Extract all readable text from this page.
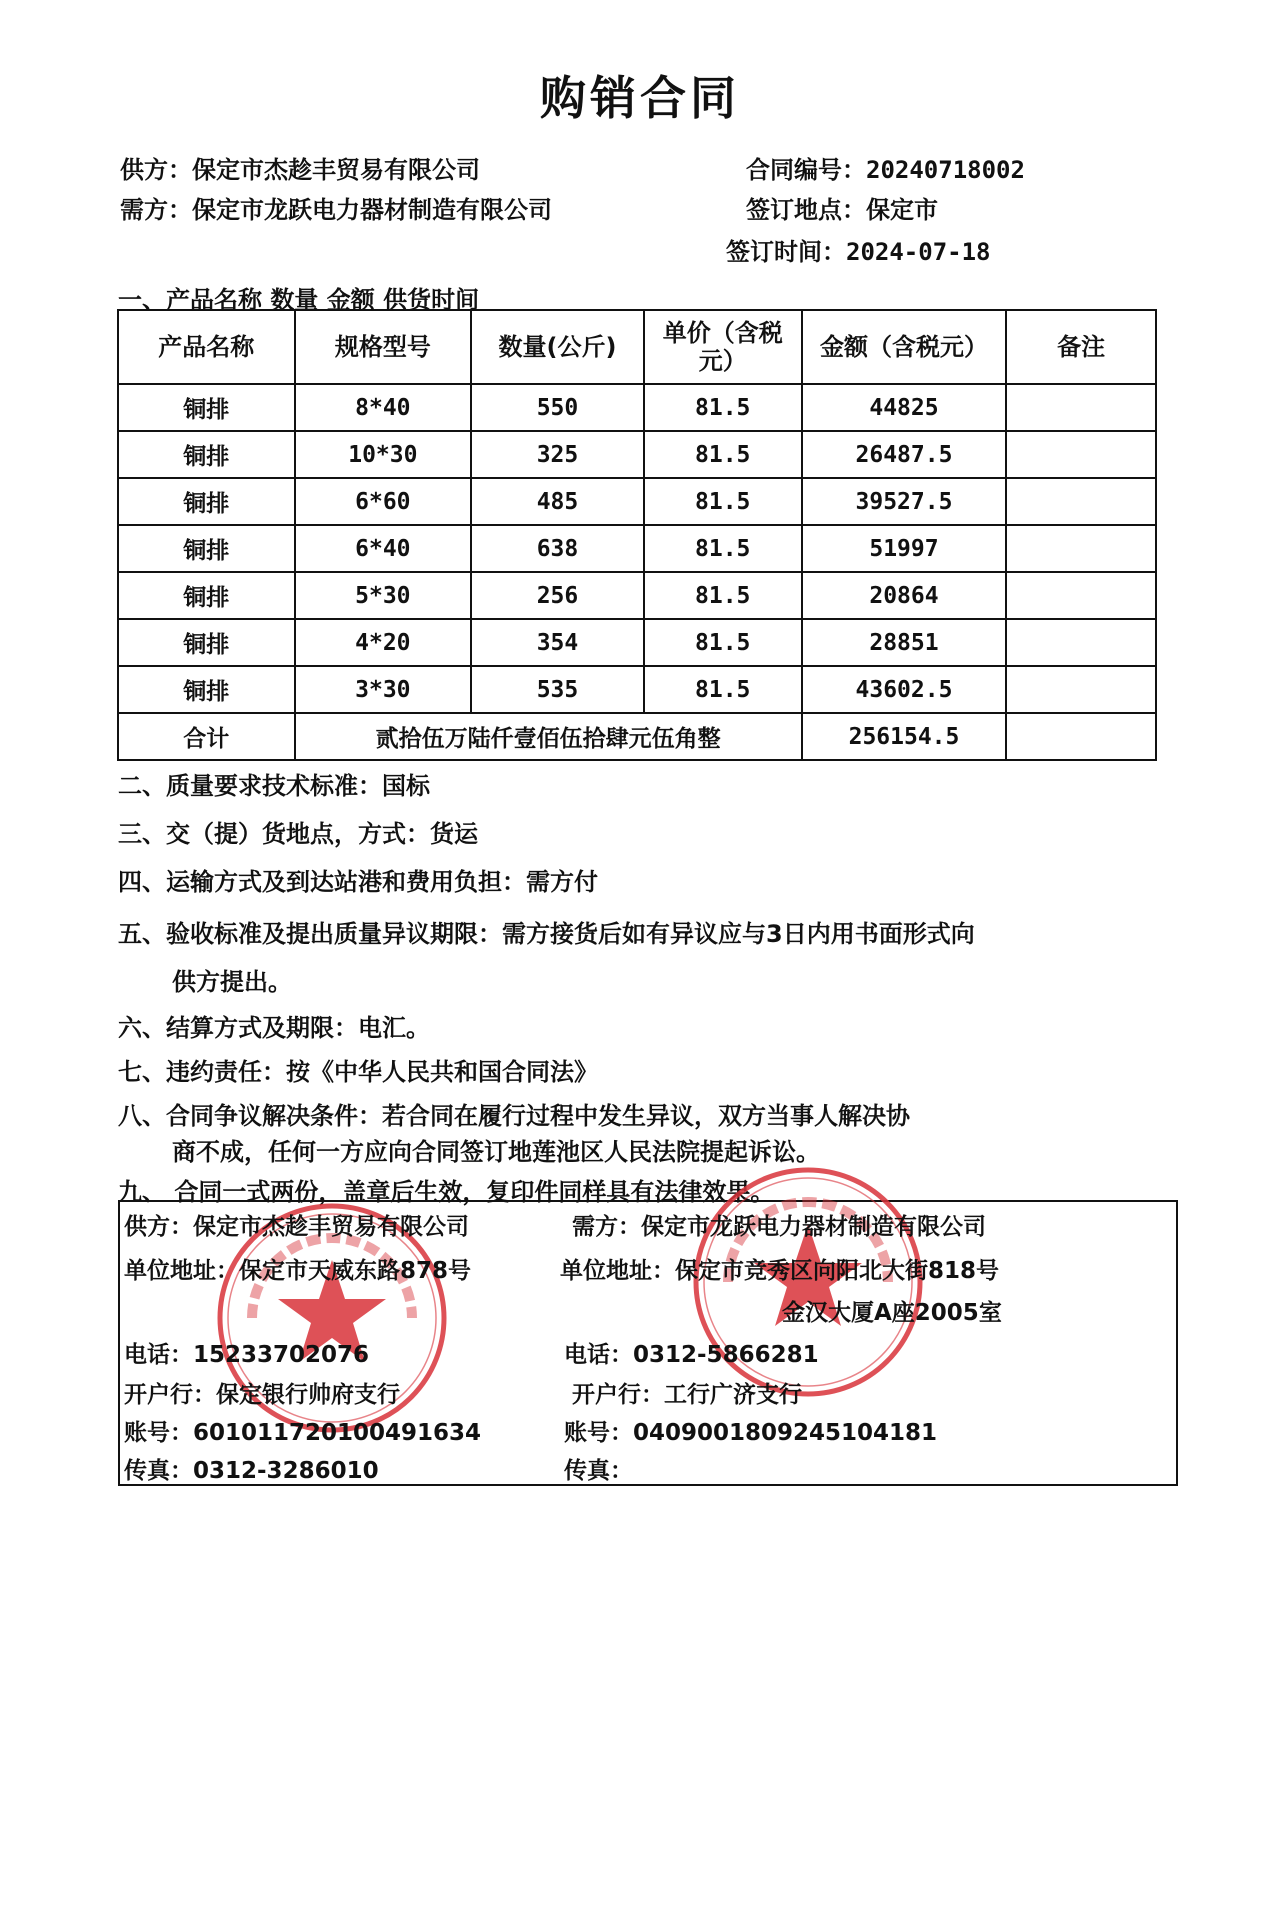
购销合同
供方：保定市杰趁丰贸易有限公司
需方：保定市龙跃电力器材制造有限公司
合同编号：20240718002
签订地点：保定市
签订时间：2024-07-18
一、产品名称 数量 金额 供货时间
产品名称	规格型号	数量(公斤)	单价（含税元）	金额（含税元）	备注
铜排	8*40	550	81.5	44825	
铜排	10*30	325	81.5	26487.5	
铜排	6*60	485	81.5	39527.5	
铜排	6*40	638	81.5	51997	
铜排	5*30	256	81.5	20864	
铜排	4*20	354	81.5	28851	
铜排	3*30	535	81.5	43602.5	
合计	贰拾伍万陆仟壹佰伍拾肆元伍角整			256154.5	
二、质量要求技术标准：国标
三、交（提）货地点，方式：货运
四、运输方式及到达站港和费用负担：需方付
五、验收标准及提出质量异议期限：需方接货后如有异议应与3日内用书面形式向
供方提出。
六、结算方式及期限：电汇。
七、违约责任：按《中华人民共和国合同法》
八、合同争议解决条件：若合同在履行过程中发生异议，双方当事人解决协
商不成，任何一方应向合同签订地莲池区人民法院提起诉讼。
九、 合同一式两份，盖章后生效，复印件同样具有法律效果。
供方：保定市杰趁丰贸易有限公司
单位地址：保定市天威东路878号
电话：15233702076
开户行：保定银行帅府支行
账号：601011720100491634
传真：0312-3286010
需方：保定市龙跃电力器材制造有限公司
单位地址：保定市竞秀区向阳北大街818号
金汉大厦A座2005室
电话：0312-5866281
开户行：工行广济支行
账号：0409001809245104181
传真：
